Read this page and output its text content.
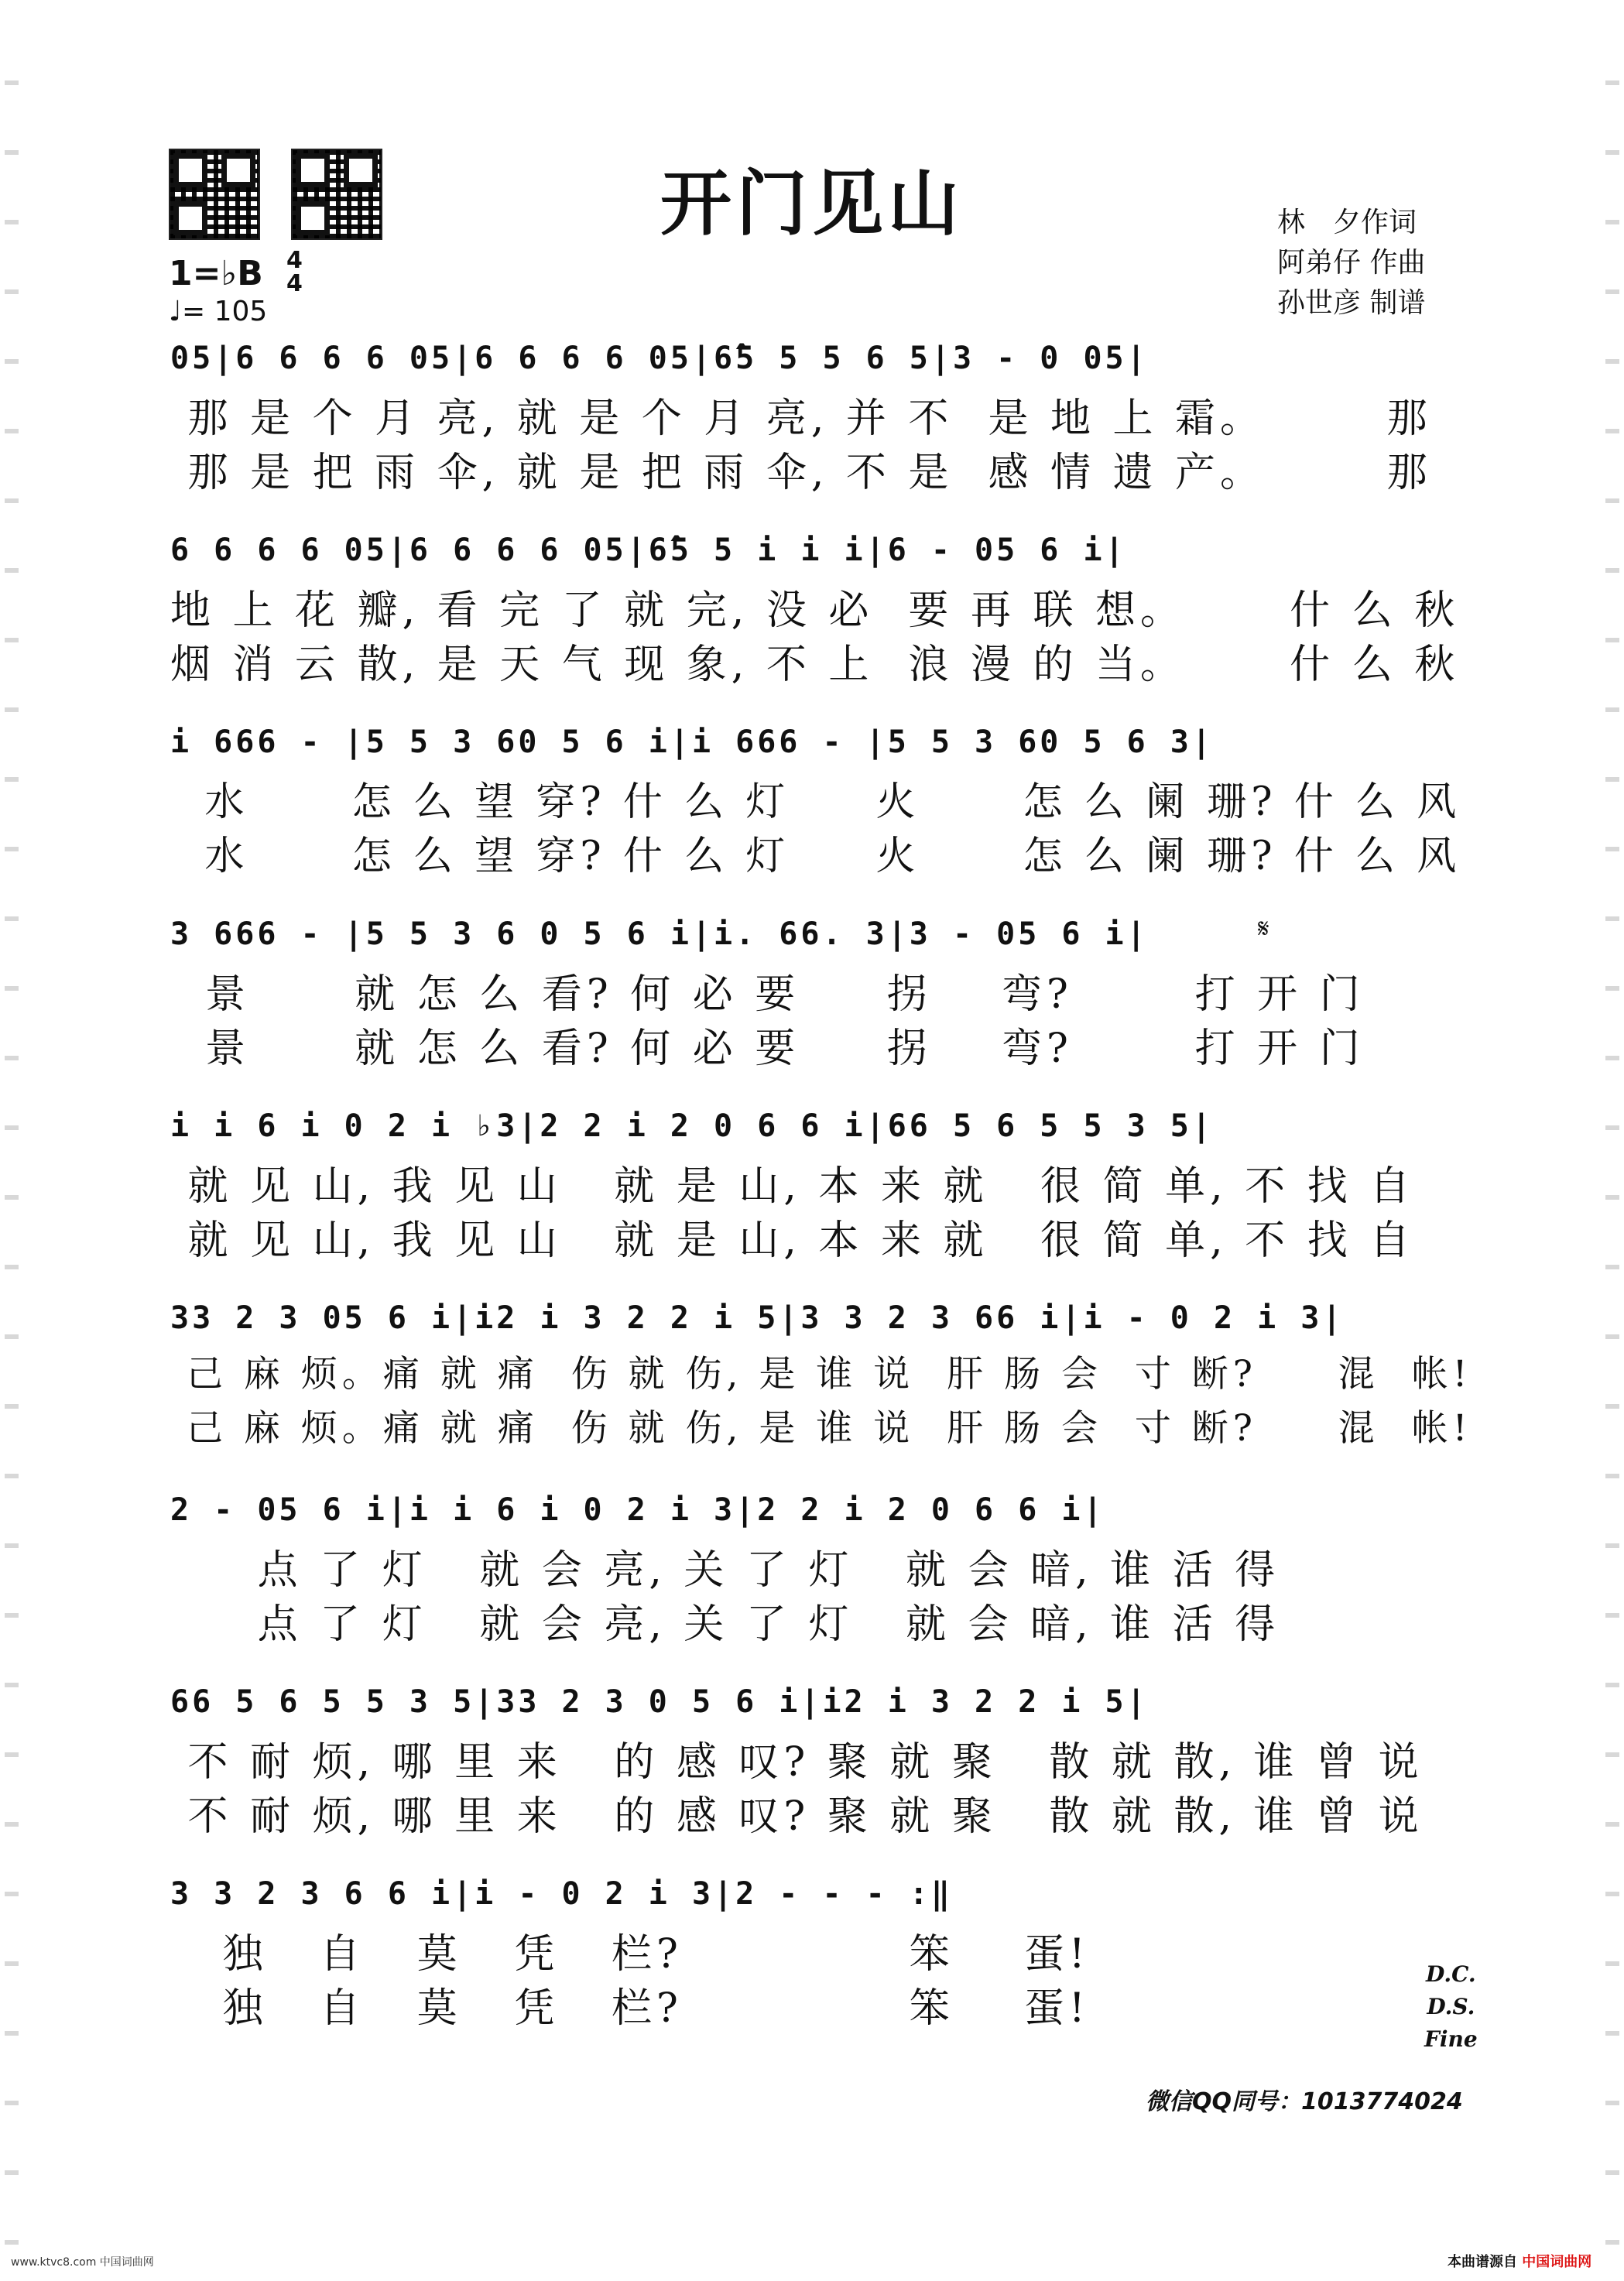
开门见山	林　夕作词
阿弟仔 作曲
孙世彦 制谱
1=♭B 4
4
♩= 105
𝄋
05|6 6 6 6 05|6 6 6 6 05|6̂5 5 5 6 5|3 - 0 05|
那 是 个 月 亮, 就 是 个 月 亮, 并 不  是 地 上 霜。       那
那 是 把 雨 伞, 就 是 把 雨 伞, 不 是  感 情 遗 产。       那
6 6 6 6 05|6 6 6 6 05|6̂5 5 i i i|6 - 05 6 i|
地 上 花 瓣, 看 完 了 就 完, 没 必  要 再 联 想。      什 么 秋
烟 消 云 散, 是 天 气 现 象, 不 上  浪 漫 的 当。      什 么 秋
i 666 - |5 5 3 60 5 6 i|i 666 - |5 5 3 60 5 6 3|
水      怎 么 望 穿? 什 么 灯     火      怎 么 阑 珊? 什 么 风
水      怎 么 望 穿? 什 么 灯     火      怎 么 阑 珊? 什 么 风
3 666 - |5 5 3 6 0 5 6 i|i. 66. 3|3 - 05 6 i|
景      就 怎 么 看? 何 必 要     拐    弯?       打 开 门
景      就 怎 么 看? 何 必 要     拐    弯?       打 开 门
i i 6 i 0 2 i ♭3|2 2 i 2 0 6 6 i|66 5 6 5 5 3 5|
就 见 山, 我 见 山   就 是 山, 本 来 就   很 简 单, 不 找 自
就 见 山, 我 见 山   就 是 山, 本 来 就   很 简 单, 不 找 自
33 2 3 05 6 i|i2 i 3 2 2 i 5|3 3 2 3 66 i|i - 0 2 i 3|
己 麻 烦。痛 就 痛  伤 就 伤, 是 谁 说  肝 肠 会  寸 断?     混  帐!
己 麻 烦。痛 就 痛  伤 就 伤, 是 谁 说  肝 肠 会  寸 断?     混  帐!
2 - 05 6 i|i i 6 i 0 2 i 3|2 2 i 2 0 6 6 i|
点 了 灯   就 会 亮, 关 了 灯   就 会 暗, 谁 活 得
点 了 灯   就 会 亮, 关 了 灯   就 会 暗, 谁 活 得
66 5 6 5 5 3 5|33 2 3 0 5 6 i|i2 i 3 2 2 i 5|
不 耐 烦, 哪 里 来   的 感 叹? 聚 就 聚   散 就 散, 谁 曾 说
不 耐 烦, 哪 里 来   的 感 叹? 聚 就 聚   散 就 散, 谁 曾 说
3 3 2 3 6 6 i|i - 0 2 i 3|2 - - - :‖
独   自   莫   凭   栏?             笨    蛋!
独   自   莫   凭   栏?             笨    蛋!
D.C.
D.S.
Fine
微信QQ同号：1013774024
www.ktvc8.com 中国词曲网	本曲谱源自 中国词曲网
